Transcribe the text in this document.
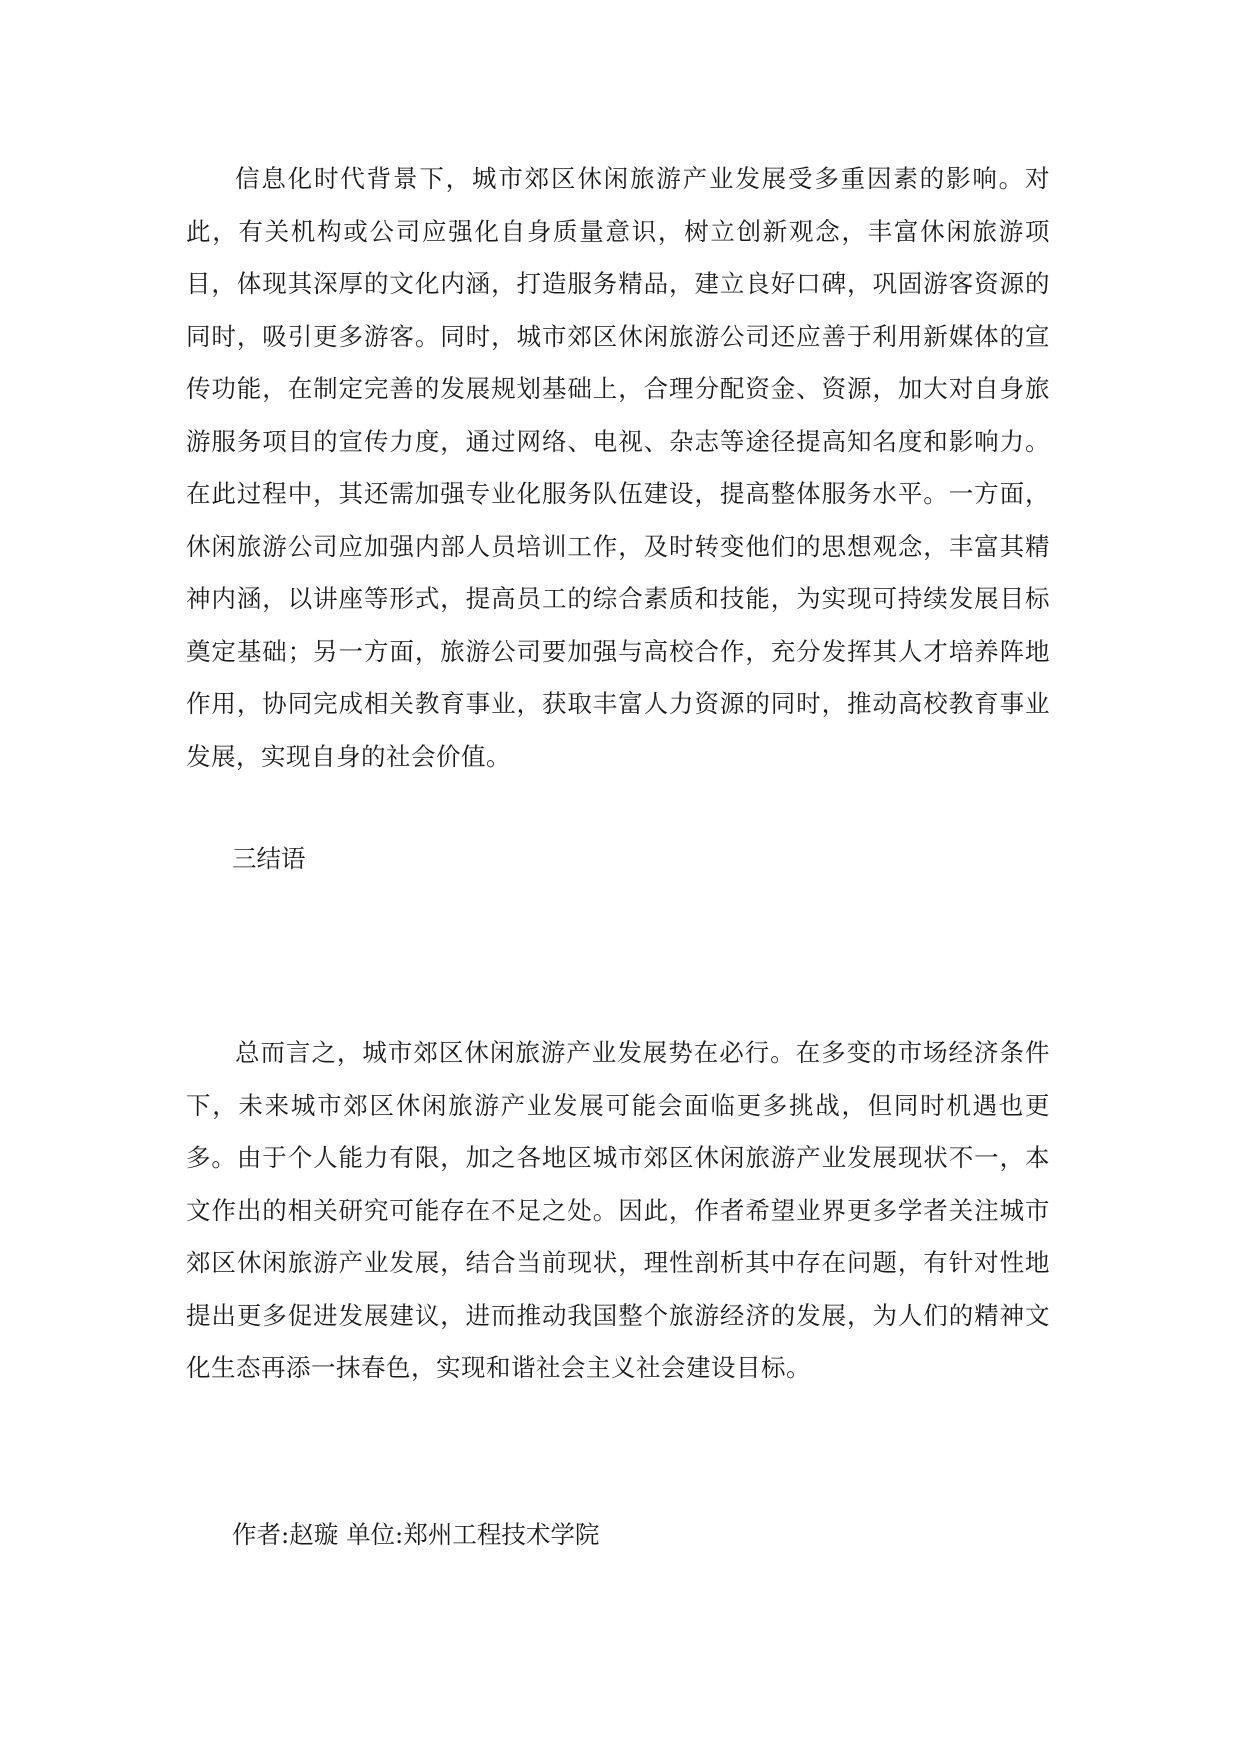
信息化时代背景下，城市郊区休闲旅游产业发展受多重因素的影响。对此，有关机构或公司应强化自身质量意识，树立创新观念，丰富休闲旅游项目，体现其深厚的文化内涵，打造服务精品，建立良好口碑，巩固游客资源的同时，吸引更多游客。同时，城市郊区休闲旅游公司还应善于利用新媒体的宣传功能，在制定完善的发展规划基础上，合理分配资金、资源，加大对自身旅游服务项目的宣传力度，通过网络、电视、杂志等途径提高知名度和影响力。在此过程中，其还需加强专业化服务队伍建设，提高整体服务水平。一方面，休闲旅游公司应加强内部人员培训工作，及时转变他们的思想观念，丰富其精神内涵，以讲座等形式，提高员工的综合素质和技能，为实现可持续发展目标奠定基础；另一方面，旅游公司要加强与高校合作，充分发挥其人才培养阵地作用，协同完成相关教育事业，获取丰富人力资源的同时，推动高校教育事业发展，实现自身的社会价值。

三结语

总而言之，城市郊区休闲旅游产业发展势在必行。在多变的市场经济条件下，未来城市郊区休闲旅游产业发展可能会面临更多挑战，但同时机遇也更多。由于个人能力有限，加之各地区城市郊区休闲旅游产业发展现状不一，本文作出的相关研究可能存在不足之处。因此，作者希望业界更多学者关注城市郊区休闲旅游产业发展，结合当前现状，理性剖析其中存在问题，有针对性地提出更多促进发展建议，进而推动我国整个旅游经济的发展，为人们的精神文化生态再添一抹春色，实现和谐社会主义社会建设目标。

作者:赵璇 单位:郑州工程技术学院
